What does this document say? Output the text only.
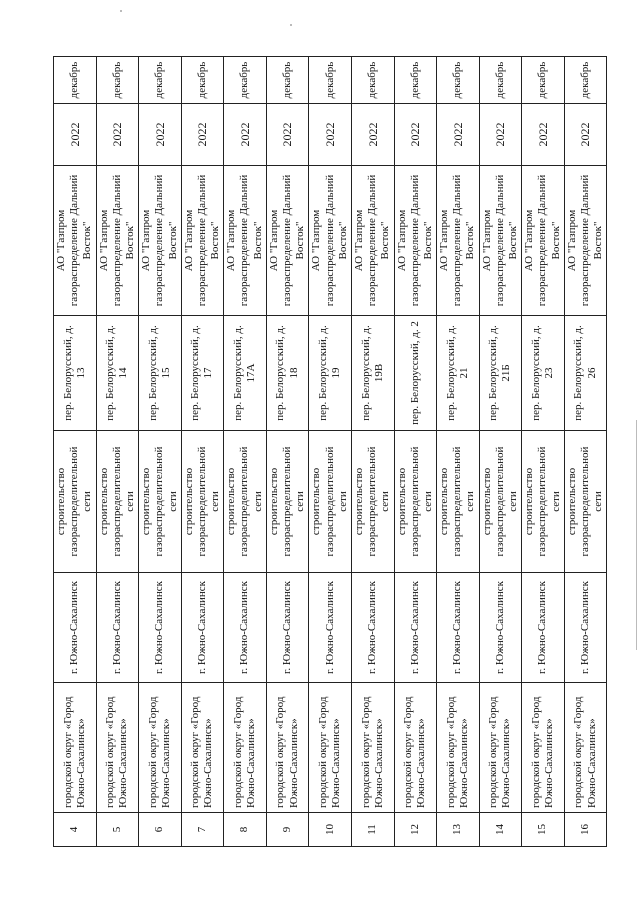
4	городской округ «Город Южно-Сахалинск»	г. Южно-Сахалинск	строительство газораспределительной сети	пер. Белорусский, д. 13	АО "Газпром газораспределение Дальний Восток"	2022	декабрь
5	городской округ «Город Южно-Сахалинск»	г. Южно-Сахалинск	строительство газораспределительной сети	пер. Белорусский, д. 14	АО "Газпром газораспределение Дальний Восток"	2022	декабрь
6	городской округ «Город Южно-Сахалинск»	г. Южно-Сахалинск	строительство газораспределительной сети	пер. Белорусский, д. 15	АО "Газпром газораспределение Дальний Восток"	2022	декабрь
7	городской округ «Город Южно-Сахалинск»	г. Южно-Сахалинск	строительство газораспределительной сети	пер. Белорусский, д. 17	АО "Газпром газораспределение Дальний Восток"	2022	декабрь
8	городской округ «Город Южно-Сахалинск»	г. Южно-Сахалинск	строительство газораспределительной сети	пер. Белорусский, д. 17А	АО "Газпром газораспределение Дальний Восток"	2022	декабрь
9	городской округ «Город Южно-Сахалинск»	г. Южно-Сахалинск	строительство газораспределительной сети	пер. Белорусский, д. 18	АО "Газпром газораспределение Дальний Восток"	2022	декабрь
10	городской округ «Город Южно-Сахалинск»	г. Южно-Сахалинск	строительство газораспределительной сети	пер. Белорусский, д. 19	АО "Газпром газораспределение Дальний Восток"	2022	декабрь
11	городской округ «Город Южно-Сахалинск»	г. Южно-Сахалинск	строительство газораспределительной сети	пер. Белорусский, д. 19В	АО "Газпром газораспределение Дальний Восток"	2022	декабрь
12	городской округ «Город Южно-Сахалинск»	г. Южно-Сахалинск	строительство газораспределительной сети	пер. Белорусский, д. 2	АО "Газпром газораспределение Дальний Восток"	2022	декабрь
13	городской округ «Город Южно-Сахалинск»	г. Южно-Сахалинск	строительство газораспределительной сети	пер. Белорусский, д. 21	АО "Газпром газораспределение Дальний Восток"	2022	декабрь
14	городской округ «Город Южно-Сахалинск»	г. Южно-Сахалинск	строительство газораспределительной сети	пер. Белорусский, д. 21Б	АО "Газпром газораспределение Дальний Восток"	2022	декабрь
15	городской округ «Город Южно-Сахалинск»	г. Южно-Сахалинск	строительство газораспределительной сети	пер. Белорусский, д. 23	АО "Газпром газораспределение Дальний Восток"	2022	декабрь
16	городской округ «Город Южно-Сахалинск»	г. Южно-Сахалинск	строительство газораспределительной сети	пер. Белорусский, д. 26	АО "Газпром газораспределение Дальний Восток"	2022	декабрь
